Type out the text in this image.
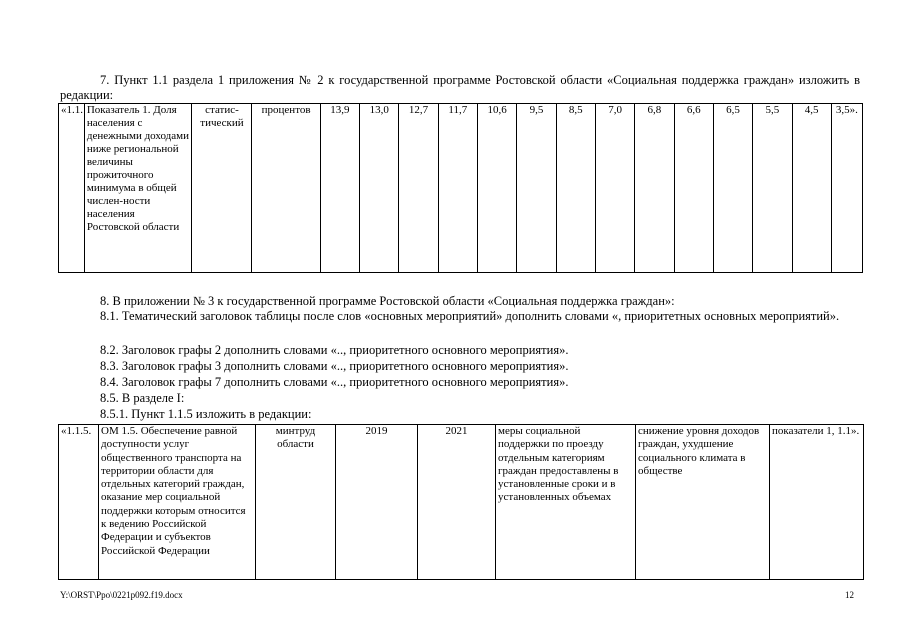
7. Пункт 1.1 раздела 1 приложения № 2 к государственной программе Ростовской области «Социальная поддержка граждан» изложить в редакции:
«1.1.	Показатель 1. Доля населения с денежными доходами ниже региональной величины прожиточного минимума в общей числен-ности населения Ростовской области	статис-тический	процентов	13,9	13,0	12,7	11,7	10,6	9,5	8,5	7,0	6,8	6,6	6,5	5,5	4,5	3,5».
8. В приложении № 3 к государственной программе Ростовской области «Социальная поддержка граждан»:
8.1. Тематический заголовок таблицы после слов «основных мероприятий» дополнить словами «, приоритетных основных мероприятий».
8.2. Заголовок графы 2 дополнить словами «.., приоритетного основного мероприятия».
8.3. Заголовок графы 3 дополнить словами «.., приоритетного основного мероприятия».
8.4. Заголовок графы 7 дополнить словами «.., приоритетного основного мероприятия».
8.5. В разделе I:
8.5.1. Пункт 1.1.5 изложить в редакции:
«1.1.5.	ОМ 1.5. Обеспечение равной доступности услуг общественного транспорта на территории области для отдельных категорий граждан, оказание мер социальной поддержки которым относится к ведению Российской Федерации и субъектов Российской Федерации	минтруд области	2019	2021	меры социальной поддержки по проезду отдельным категориям граждан предоставлены в установленные сроки и в установленных объемах	снижение уровня доходов граждан, ухудшение социального климата в обществе	показатели 1, 1.1».
Y:\ORST\Ppo\0221p092.f19.docx	12
